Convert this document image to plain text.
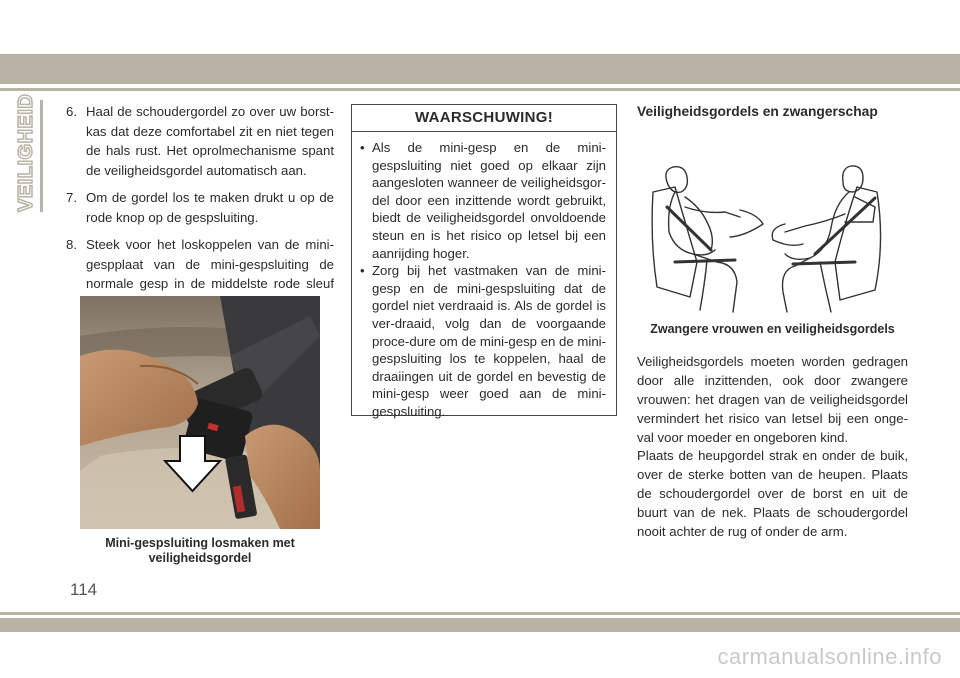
VEILIGHEID 6. Haal de schoudergordel zo over uw borst-kas dat deze comfortabel zit en niet tegen de hals rust. Het oprolmechanisme spant de veiligheidsgordel automatisch aan.
7. Om de gordel los te maken drukt u op de rode knop op de gespsluiting.
8. Steek voor het loskoppelen van de mini-gespplaat van de mini-gespsluiting de normale gesp in de middelste rode sleuf
Mini-gespsluiting losmaken met veiligheidsgordel
WAARSCHUWING!
• Als de mini-gesp en de mini-gespsluiting niet goed op elkaar zijn aangesloten wanneer de veiligheidsgor-del door een inzittende wordt gebruikt, biedt de veiligheidsgordel onvoldoende steun en is het risico op letsel bij een aanrijding hoger.
• Zorg bij het vastmaken van de mini-gesp en de mini-gespsluiting dat de gordel niet verdraaid is. Als de gordel is ver-draaid, volg dan de voorgaande proce-dure om de mini-gesp en de mini-gespsluiting los te koppelen, haal de draaiingen uit de gordel en bevestig de mini-gesp weer goed aan de mini-gespsluiting.
Veiligheidsgordels en zwangerschap
Zwangere vrouwen en veiligheidsgordels

Veiligheidsgordels moeten worden gedragen door alle inzittenden, ook door zwangere vrouwen: het dragen van de veiligheidsgordel vermindert het risico van letsel bij een onge-val voor moeder en ongeboren kind.

Plaats de heupgordel strak en onder de buik, over de sterke botten van de heupen. Plaats de schoudergordel over de borst en uit de buurt van de nek. Plaats de schoudergordel nooit achter de rug of onder de arm.

114
carmanualsonline.info
